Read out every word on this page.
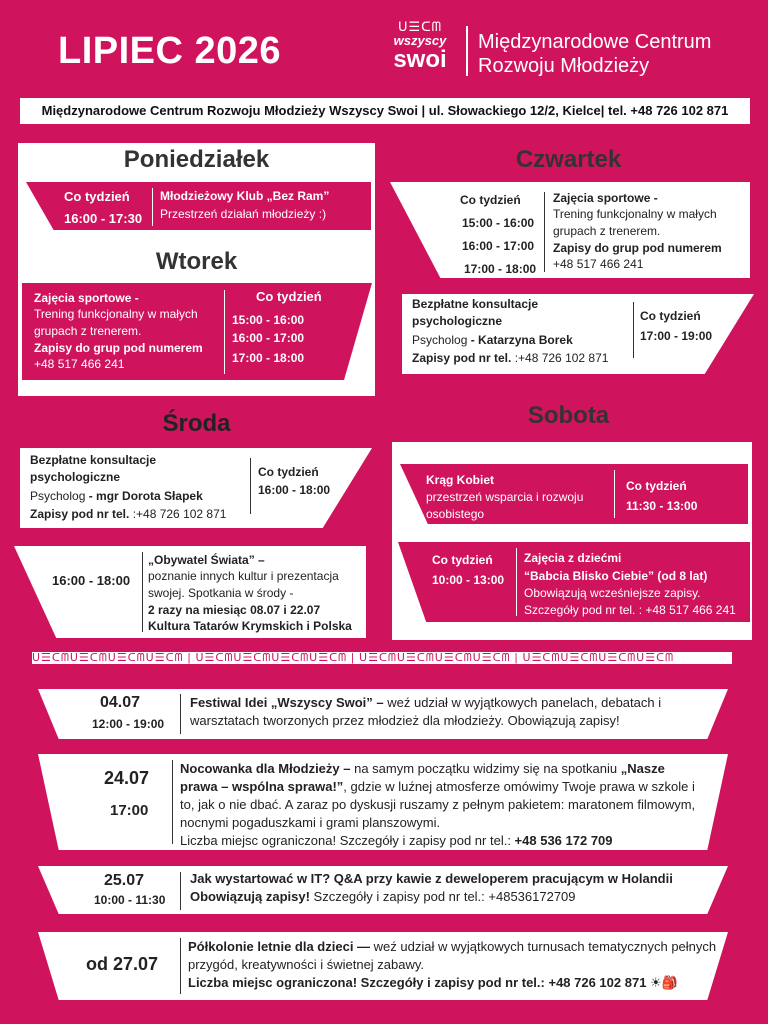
LIPIEC 2026
ᑌ☰ᑕᗰ
wszyscy
swoi
Międzynarodowe Centrum
Rozwoju Młodzieży
Międzynarodowe Centrum Rozwoju Młodzieży Wszyscy Swoi | ul. Słowackiego 12/2, Kielce| tel. +48 726 102 871
Poniedziałek
Co tydzień
16:00 - 17:30
Młodzieżowy Klub „Bez Ram”
Przestrzeń działań młodzieży :)
Wtorek
Zajęcia sportowe -
Trening funkcjonalny w małych grupach z trenerem.
Zapisy do grup pod numerem
+48 517 466 241
Co tydzień
15:00 - 16:00
16:00 - 17:00
17:00 - 18:00
Czwartek
Co tydzień
15:00 - 16:00
16:00 - 17:00
17:00 - 18:00
Zajęcia sportowe -
Trening funkcjonalny w małych grupach z trenerem.
Zapisy do grup pod numerem
+48 517 466 241
Bezpłatne konsultacje psychologiczne
Psycholog - Katarzyna Borek
Zapisy pod nr tel. :+48 726 102 871
Co tydzień
17:00 - 19:00
Środa
Bezpłatne konsultacje psychologiczne
Psycholog - mgr Dorota Słapek
Zapisy pod nr tel. :+48 726 102 871
Co tydzień
16:00 - 18:00
16:00 - 18:00
„Obywatel Świata” –
poznanie innych kultur i prezentacja swojej. Spotkania w środy -
2 razy na miesiąc 08.07 i 22.07
Kultura Tatarów Krymskich i Polska
Sobota
Krąg Kobiet
przestrzeń wsparcia i rozwoju osobistego
Co tydzień
11:30 - 13:00
Co tydzień
10:00 - 13:00
Zajęcia z dziećmi
“Babcia Blisko Ciebie” (od 8 lat)
Obowiązują wcześniejsze zapisy.
Szczegóły pod nr tel. : +48 517 466 241
ᑌ☰ᑕᗰᑌ☰ᑕᗰᑌ☰ᑕᗰᑌ☰ᑕᗰ | ᑌ☰ᑕᗰᑌ☰ᑕᗰᑌ☰ᑕᗰᑌ☰ᑕᗰ | ᑌ☰ᑕᗰᑌ☰ᑕᗰᑌ☰ᑕᗰᑌ☰ᑕᗰ | ᑌ☰ᑕᗰᑌ☰ᑕᗰᑌ☰ᑕᗰᑌ☰ᑕᗰ
04.07
12:00 - 19:00
Festiwal Idei „Wszyscy Swoi” – weź udział w wyjątkowych panelach, debatach i warsztatach tworzonych przez młodzież dla młodzieży. Obowiązują zapisy!
24.07
17:00
Nocowanka dla Młodzieży – na samym początku widzimy się na spotkaniu „Nasze prawa – wspólna sprawa!”, gdzie w luźnej atmosferze omówimy Twoje prawa w szkole i to, jak o nie dbać. A zaraz po dyskusji ruszamy z pełnym pakietem: maratonem filmowym, nocnymi pogaduszkami i grami planszowymi.
Liczba miejsc ograniczona! Szczegóły i zapisy pod nr tel.: +48 536 172 709
25.07
10:00 - 11:30
Jak wystartować w IT? Q&A przy kawie z deweloperem pracującym w Holandii
Obowiązują zapisy! Szczegóły i zapisy pod nr tel.: +48536172709
od 27.07
Półkolonie letnie dla dzieci — weź udział w wyjątkowych turnusach tematycznych pełnych przygód, kreatywności i świetnej zabawy.
Liczba miejsc ograniczona! Szczegóły i zapisy pod nr tel.: +48 726 102 871 ☀🎒
